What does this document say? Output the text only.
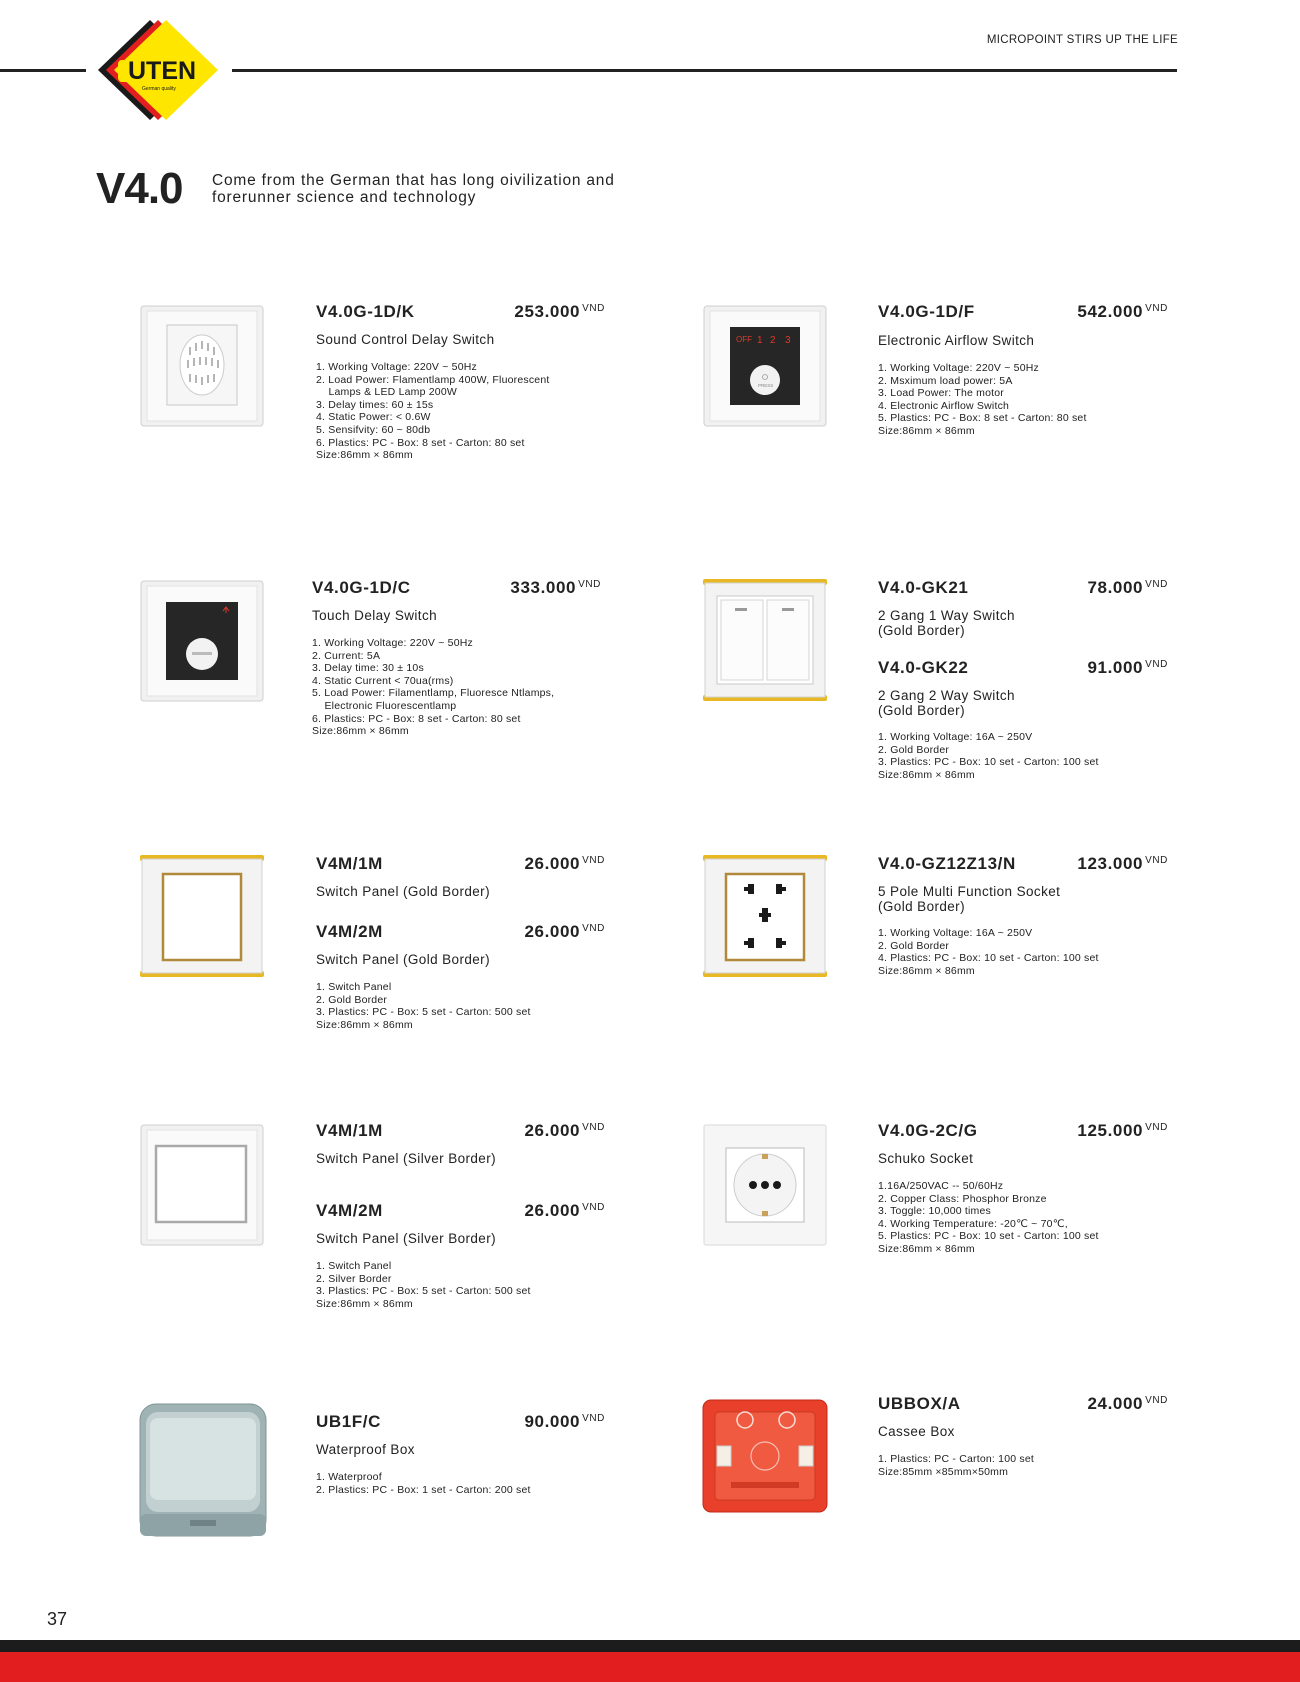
UTEN
German quality
MICROPOINT STIRS UP THE LIFE
V4.0 Come from the German that has long oivilization and forerunner science and technology
V4.0G-1D/K	253.000 $^{VND}$
Sound Control Delay Switch
1. Working Voltage: 220V ~ 50Hz
2. Load Power: Flamentlamp 400W, Fluorescent
Lamps & LED Lamp 200W
3. Delay times: 60 ± 15s
4. Static Power: < 0.6W
5. Sensifvity: 60 ~ 80db
6. Plastics: PC - Box: 8 set - Carton: 80 set
Size:86mm × 86mm
OFF 1 2 3
PRESS
V4.0G-1D/F	542.000 $^{VND}$
Electronic Airflow Switch
1. Working Voltage: 220V ~ 50Hz
2. Msximum load power: 5A
3. Load Power: The motor
4. Electronic Airflow Switch
5. Plastics: PC - Box: 8 set - Carton: 80 set
Size:86mm × 86mm
V4.0G-1D/C	333.000 $^{VND}$
Touch Delay Switch
1. Working Voltage: 220V ~ 50Hz
2. Current: 5A
3. Delay time: 30 ± 10s
4. Static Current < 70ua(rms)
5. Load Power: Filamentlamp, Fluoresce Ntlamps,
Electronic Fluorescentlamp
6. Plastics: PC - Box: 8 set - Carton: 80 set
Size:86mm × 86mm
V4.0-GK21	78.000 $^{VND}$
2 Gang 1 Way Switch
(Gold Border)
V4.0-GK22	91.000 $^{VND}$
2 Gang 2 Way Switch
(Gold Border)
1. Working Voltage: 16A ~ 250V
2. Gold Border
3. Plastics: PC - Box: 10 set - Carton: 100 set
Size:86mm × 86mm
V4M/1M	26.000 $^{VND}$
Switch Panel (Gold Border)
V4M/2M	26.000 $^{VND}$
Switch Panel (Gold Border)
1. Switch Panel
2. Gold Border
3. Plastics: PC - Box: 5 set - Carton: 500 set
Size:86mm × 86mm
V4.0-GZ12Z13/N	123.000 $^{VND}$
5 Pole Multi Function Socket
(Gold Border)
1. Working Voltage: 16A ~ 250V
2. Gold Border
4. Plastics: PC - Box: 10 set - Carton: 100 set
Size:86mm × 86mm
V4M/1M	26.000 $^{VND}$
Switch Panel (Silver Border)
V4M/2M	26.000 $^{VND}$
Switch Panel (Silver Border)
1. Switch Panel
2. Silver Border
3. Plastics: PC - Box: 5 set - Carton: 500 set
Size:86mm × 86mm
V4.0G-2C/G	125.000 $^{VND}$
Schuko Socket
1.16A/250VAC -- 50/60Hz
2. Copper Class: Phosphor Bronze
3. Toggle: 10,000 times
4. Working Temperature: -20℃ ~ 70℃,
5. Plastics: PC - Box: 10 set - Carton: 100 set
Size:86mm × 86mm
UB1F/C	90.000 $^{VND}$
Waterproof Box
1. Waterproof
2. Plastics: PC - Box: 1 set - Carton: 200 set
UBBOX/A	24.000 $^{VND}$
Cassee Box
1. Plastics: PC - Carton: 100 set
Size:85mm ×85mm×50mm
37
